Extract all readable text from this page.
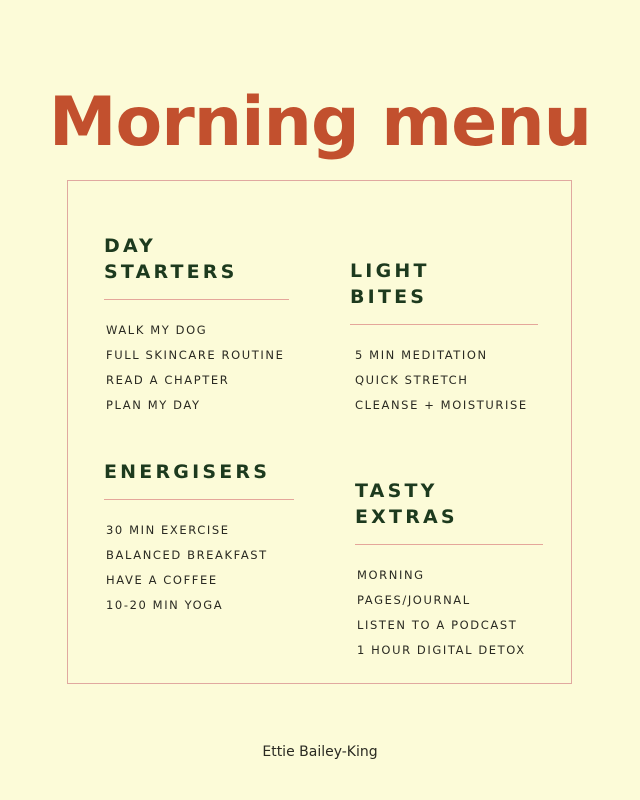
Morning menu
DAY
STARTERS
WALK MY DOG
FULL SKINCARE ROUTINE
READ A CHAPTER
PLAN MY DAY
LIGHT
BITES
5 MIN MEDITATION
QUICK STRETCH
CLEANSE + MOISTURISE
ENERGISERS
30 MIN EXERCISE
BALANCED BREAKFAST
HAVE A COFFEE
10-20 MIN YOGA
TASTY
EXTRAS
MORNING PAGES/JOURNAL
LISTEN TO A PODCAST
1 HOUR DIGITAL DETOX
Ettie Bailey-King
